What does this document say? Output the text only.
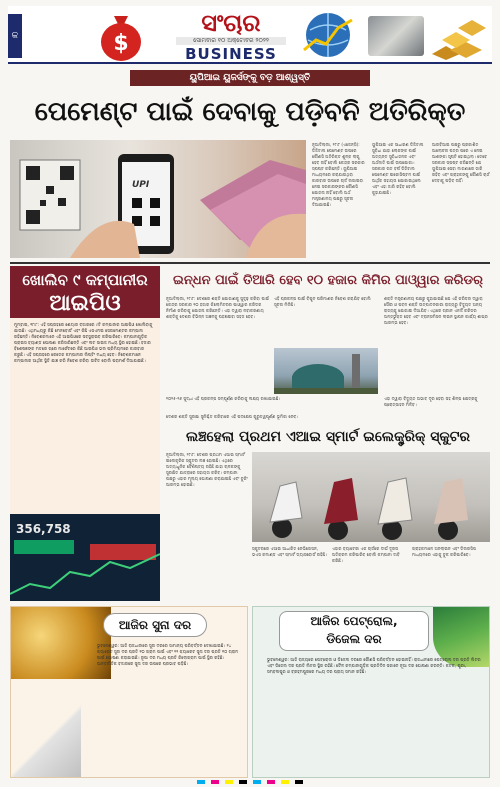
କ	$
ସଂଚାର
ସୋମବାର ୧୦ ଅକ୍ଟୋବର ୨୦୨୨
BUSINESS
ୟୁପିଆଇ ୟୁଜର୍ସଙ୍କୁ ବଡ଼ ଆଶ୍ୱସ୍ତି
ପେମେଣ୍ଟ ପାଇଁ ଦେବାକୁ ପଡ଼ିବନି ଅତିରିକ୍ତ
UPI
ନୂଆଦିଲ୍ଲୀ, ୨୮ା୮ (ଏଜେନ୍ସି): ଡିଜିଟାଲ ପେମେଣ୍ଟ ଉପରେ କୌଣସି ଅତିରିକ୍ତ ଶୁଳ୍କ ଲାଗୁ ହେବ ନାହିଁ ବୋଲି କେନ୍ଦ୍ର ସରକାର ସ୍ପଷ୍ଟ କରିଛନ୍ତି। ୟୁପିଆଇ ମାଧ୍ୟମରେ କରାଯାଉଥିବା କାରବାର ଉପରେ ଚାର୍ଜ ଲଗାଇବା ନେଇ ସରକାରଙ୍କର କୌଣସି ଯୋଜନା ନାହିଁ ବୋଲି ଅର୍ଥ ମନ୍ତ୍ରଣାଳୟ ପକ୍ଷରୁ ସୂଚନା ଦିଆଯାଇଛି।
ୟୁପିଆଇ ଏକ ସାଧାରଣ ଡିଜିଟାଲ ସୁବିଧା ଯାହା ଲୋକଙ୍କ ପାଇଁ ଅତ୍ୟନ୍ତ ସୁବିଧାଜନକ ଏବଂ ଅର୍ଥନୀତି ପାଇଁ ଉପଯୋଗୀ। ସରକାର ଗତ ବର୍ଷ ଡିଜିଟାଲ ପେମେଣ୍ଟ ଇକୋସିଷ୍ଟମ ପାଇଁ ଆର୍ଥିକ ସହାୟତା ଯୋଗାଇଥିଲେ ଏବଂ ଏହା ଜାରି ରହିବ ବୋଲି କୁହାଯାଇଛି।
ଆରବିଆଇ ପକ୍ଷରୁ ପ୍ରକାଶିତ ଆଲୋଚନା ପତ୍ର ପରେ ଏ ନେଇ ଆଶଙ୍କା ସୃଷ୍ଟି ହୋଇଥିଲା। ତେବେ ସରକାର ସ୍ପଷ୍ଟ କରିଛନ୍ତି ଯେ ୟୁପିଆଇ ସେବା ମାଗଣାରେ ଜାରି ରହିବ ଏବଂ ଗ୍ରାହକଙ୍କୁ କୌଣସି ଚାର୍ଜ ଦେବାକୁ ପଡ଼ିବ ନାହିଁ।
ଖୋଲିବ ୯ କମ୍ପାନୀର
ଆଇପିଓ
ମୁମ୍ବାଇ, ୨୮ା୮: ଏହି ସପ୍ତାହରେ ଶେୟାର ବଜାରରେ ୯ଟି କମ୍ପାନୀର ଆଇପିଓ ଖୋଲିବାକୁ ଯାଉଛି। ଏଥିମଧ୍ୟରୁ କିଛି ମେନବୋର୍ଡ ଏବଂ କିଛି ଏସଏମଇ ସେଗମେଣ୍ଟର କମ୍ପାନୀ ରହିଛନ୍ତି। ନିବେଶକମାନେ ଏହି ଆଇପିଓରେ ସବସ୍କ୍ରାଇବ କରିପାରିବେ। କମ୍ପାନୀଗୁଡ଼ିକ ପ୍ରାଇସ ବ୍ୟାଣ୍ଡ ଘୋଷଣା କରିସାରିଛନ୍ତି ଏବଂ ଲଟ ସାଇଜ ମଧ୍ୟ ସ୍ଥିର ହୋଇଛି। ବଜାର ବିଶେଷଜ୍ଞଙ୍କ ମତରେ ଗ୍ରେ ମାର୍କେଟରେ କିଛି ଆଇପିଓ ଭଲ ପ୍ରିମିୟମରେ କାରବାର କରୁଛି। ଏହି ସପ୍ତାହରେ କେତେକ କମ୍ପାନୀର ଲିଷ୍ଟିଂ ମଧ୍ୟ ହେବ। ନିବେଶକମାନେ କମ୍ପାନୀର ଆର୍ଥିକ ସ୍ଥିତି ଯାଞ୍ଚ କରି ନିବେଶ କରିବା ଉଚିତ ବୋଲି ପରାମର୍ଶ ଦିଆଯାଇଛି।
356,758
ଇନ୍ଧନ ପାଇଁ ତିଆରି ହେବ ୧୦ ହଜାର କିମିର ପାଓ୍ୱାର କରିଡର୍
ନୂଆଦିଲ୍ଲୀ, ୨୮ା୮: ଦେଶରେ ଶକ୍ତି ଯୋଗାଣକୁ ସୁଦୃଢ଼ କରିବା ପାଇଁ କେନ୍ଦ୍ର ସରକାର ୧୦ ହଜାର କିଲୋମିଟରର ପାଓ୍ୱାର କରିଡର ନିର୍ମାଣ କରିବାକୁ ଯୋଜନା କରିଛନ୍ତି। ଏହା ଦ୍ୱାରା ନବୀକରଣୀୟ ଶକ୍ତିକୁ ଦେଶର ବିଭିନ୍ନ ଅଞ୍ଚଳକୁ ପହଞ୍ଚାଇବା ସହଜ ହେବ।
ଏହି ପ୍ରକଳ୍ପ ପାଇଁ ବିପୁଳ ପରିମାଣର ନିବେଶ କରାଯିବ ବୋଲି ସୂଚନା ମିଳିଛି।
ଶକ୍ତି ମନ୍ତ୍ରଣାଳୟ ପକ୍ଷରୁ କୁହାଯାଇଛି ଯେ ଏହି କରିଡର ଦ୍ୱାରା ସୌର ଓ ପବନ ଶକ୍ତି ଉତ୍ପାଦନକାରୀ ରାଜ୍ୟରୁ ବିଦ୍ୟୁତ ଅନ୍ୟ ରାଜ୍ୟକୁ ଯୋଗାଇ ଦିଆଯିବ। ଏଥିରେ ଗ୍ରୀନ ଏନର୍ଜି କରିଡର ଅନ୍ତର୍ଭୁକ୍ତ ହେବ ଏବଂ ଟ୍ରାନ୍ସମିସନ ଲାଇନ ସ୍ଥାପନ କାର୍ଯ୍ୟ ଶୀଘ୍ର ଆରମ୍ଭ ହେବ।
୨୦୨୫-୨୬ ସୁଦ୍ଧା ଏହି ପ୍ରକଳ୍ପ ସମ୍ପୂର୍ଣ୍ଣ କରିବାକୁ ଲକ୍ଷ୍ୟ ରଖାଯାଇଛି।	ଏହା ଦ୍ୱାରା ବିଦ୍ୟୁତ ଅଭାବ ଦୂର ହେବା ସହ ଶିଳ୍ପ କ୍ଷେତ୍ରକୁ ପ୍ରୋତ୍ସାହନ ମିଳିବ।
ଦେଶର ଶକ୍ତି ସୁରକ୍ଷା ସୁନିଶ୍ଚିତ କରିବାରେ ଏହି ପଦକ୍ଷେପ ଗୁରୁତ୍ୱପୂର୍ଣ୍ଣ ଭୂମିକା ନେବ।
ଲଞ୍ଚହେଲା ପ୍ରଥମ ଏଆଇ ସ୍ମାର୍ଟ ଇଲେକ୍ଟ୍ରିକ୍ ସ୍କୁଟର
ନୂଆଦିଲ୍ଲୀ, ୨୮ା୮: ଦେଶର ପ୍ରଥମ ଏଆଇ ସ୍ମାର୍ଟ ଇଲେକ୍ଟ୍ରିକ ସ୍କୁଟର ଲଞ୍ଚ ହୋଇଛି। ଏଥିରେ ଅତ୍ୟାଧୁନିକ ବୈଶିଷ୍ଟ୍ୟ ରହିଛି ଯାହା ଚାଳକଙ୍କୁ ସୁରକ୍ଷିତ ଯାତ୍ରାରେ ସହାୟତା କରିବ। କମ୍ପାନୀ ପକ୍ଷରୁ ଏହାର ମୂଲ୍ୟ ଘୋଷଣା କରାଯାଇଛି ଏବଂ ବୁକିଂ ଆରମ୍ଭ ହୋଇଛି।
ସ୍କୁଟରରେ ଏଆଇ ଆଧାରିତ ନେଭିଗେସନ, ଭଏସ କମାଣ୍ଡ ଏବଂ ସ୍ମାର୍ଟ ଡ୍ୟାସବୋର୍ଡ ରହିଛି।
ଏହାର ବ୍ୟାଟେରୀ ଏକ ଚାର୍ଜରେ ଦୀର୍ଘ ଦୂରତା ଅତିକ୍ରମ କରିପାରିବ ବୋଲି କମ୍ପାନୀ ଦାବି କରିଛି।
ଗ୍ରାହକମାନେ ଅନଲାଇନ ଏବଂ ଡିଲରସିପ ମାଧ୍ୟମରେ ଏହାକୁ ବୁକ କରିପାରିବେ।
ଆଜିର ସୁନା ଦର
ଭୁବନେଶ୍ୱର: ଆଜି ରାଜଧାନୀରେ ସୁନା ଦରରେ ସାମାନ୍ୟ ପରିବର୍ତ୍ତନ ଦେଖାଯାଇଛି। ୨୪ କ୍ୟାରେଟ ସୁନା ଦର ପ୍ରତି ୧୦ ଗ୍ରାମ ପାଇଁ ଏବଂ ୨୨ କ୍ୟାରେଟ ସୁନା ଦର ପ୍ରତି ୧୦ ଗ୍ରାମ ପାଇଁ ଘୋଷଣା କରାଯାଇଛି। ରୂପା ଦର ମଧ୍ୟ ପ୍ରତି କିଲୋଗ୍ରାମ ପାଇଁ ସ୍ଥିର ରହିଛି। ଆନ୍ତର୍ଜାତିକ ବଜାରରେ ସୁନା ଦର ଉପରେ ପ୍ରଭାବ ପଡ଼ିଛି।
ଆଜିର ପେଟ୍ରୋଲ,
ଡିଜେଲ ଦର
ଭୁବନେଶ୍ୱର: ଆଜି ରାଜ୍ୟରେ ପେଟ୍ରୋଲ ଓ ଡିଜେଲ ଦରରେ କୌଣସି ପରିବର୍ତ୍ତନ ହୋଇନାହିଁ। ରାଜଧାନୀରେ ପେଟ୍ରୋଲ ଦର ପ୍ରତି ଲିଟର ଏବଂ ଡିଜେଲ ଦର ପ୍ରତି ଲିଟର ସ୍ଥିର ରହିଛି। ତୈଳ କମ୍ପାନୀଗୁଡ଼ିକ ପ୍ରତିଦିନ ସକାଳେ ନୂଆ ଦର ଘୋଷଣା କରନ୍ତି। କଟକ, ପୁରୀ, ସମ୍ବଲପୁର ଓ ବ୍ରହ୍ମପୁରରେ ମଧ୍ୟ ଦର ପ୍ରାୟ ସମାନ ରହିଛି।
